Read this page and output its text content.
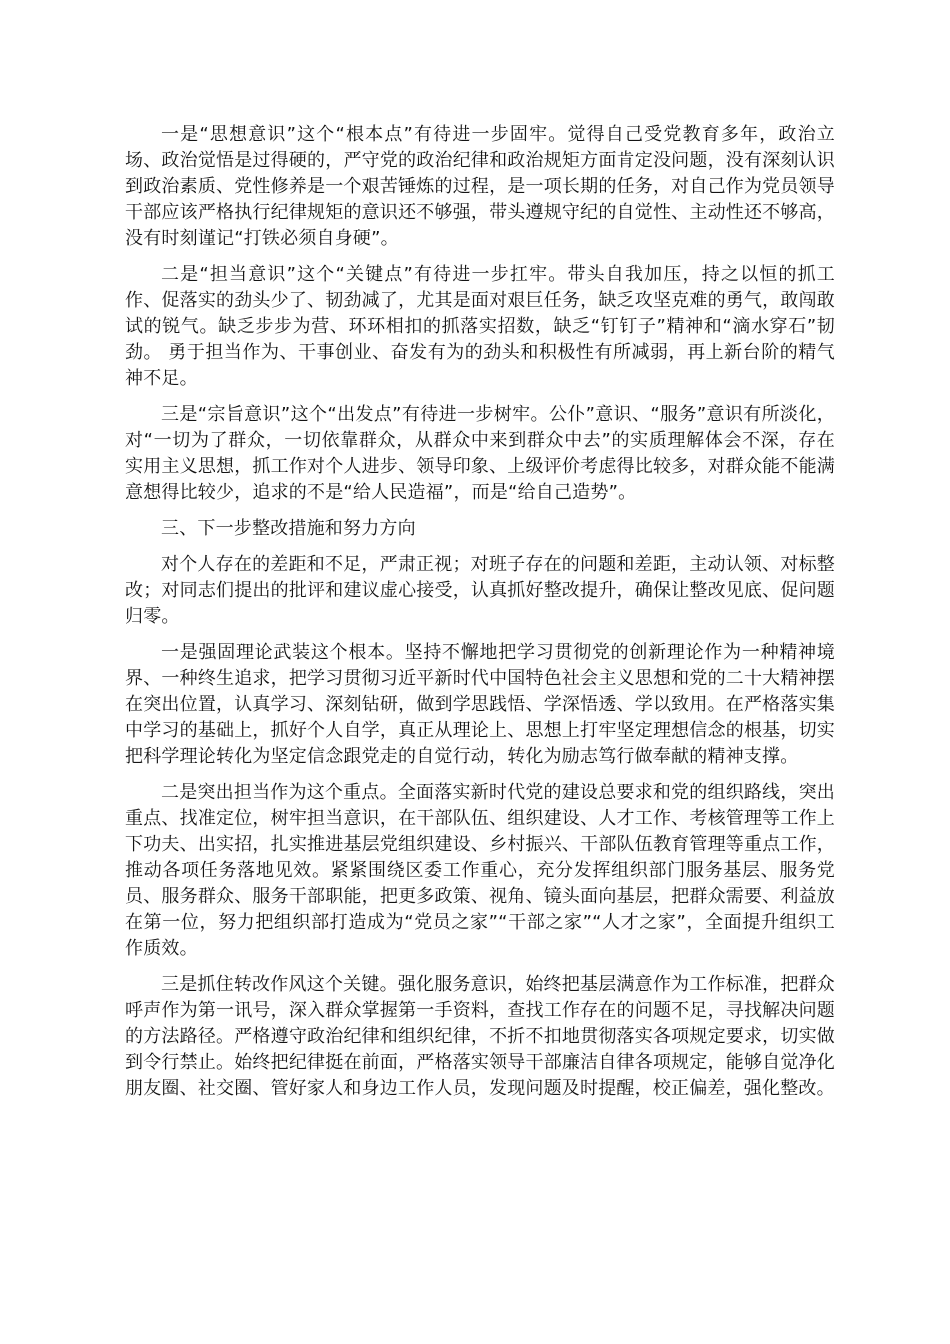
一是“思想意识”这个“根本点”有待进一步固牢。觉得自己受党教育多年，政治立场、政治觉悟是过得硬的，严守党的政治纪律和政治规矩方面肯定没问题，没有深刻认识到政治素质、党性修养是一个艰苦锤炼的过程，是一项长期的任务，对自己作为党员领导干部应该严格执行纪律规矩的意识还不够强，带头遵规守纪的自觉性、主动性还不够高，没有时刻谨记“打铁必须自身硬”。

二是“担当意识”这个“关键点”有待进一步扛牢。带头自我加压，持之以恒的抓工作、促落实的劲头少了、韧劲减了，尤其是面对艰巨任务，缺乏攻坚克难的勇气，敢闯敢试的锐气。缺乏步步为营、环环相扣的抓落实招数，缺乏“钉钉子”精神和“滴水穿石”韧劲。 勇于担当作为、干事创业、奋发有为的劲头和积极性有所减弱，再上新台阶的精气神不足。

三是“宗旨意识”这个“出发点”有待进一步树牢。公仆”意识、“服务”意识有所淡化，对“一切为了群众，一切依靠群众，从群众中来到群众中去”的实质理解体会不深，存在实用主义思想，抓工作对个人进步、领导印象、上级评价考虑得比较多，对群众能不能满意想得比较少，追求的不是“给人民造福”，而是“给自己造势”。

三、下一步整改措施和努力方向

对个人存在的差距和不足，严肃正视；对班子存在的问题和差距，主动认领、对标整改；对同志们提出的批评和建议虚心接受，认真抓好整改提升，确保让整改见底、促问题归零。

一是强固理论武装这个根本。坚持不懈地把学习贯彻党的创新理论作为一种精神境界、一种终生追求，把学习贯彻习近平新时代中国特色社会主义思想和党的二十大精神摆在突出位置，认真学习、深刻钻研，做到学思践悟、学深悟透、学以致用。在严格落实集中学习的基础上，抓好个人自学，真正从理论上、思想上打牢坚定理想信念的根基，切实把科学理论转化为坚定信念跟党走的自觉行动，转化为励志笃行做奉献的精神支撑。

二是突出担当作为这个重点。全面落实新时代党的建设总要求和党的组织路线，突出重点、找准定位，树牢担当意识，在干部队伍、组织建设、人才工作、考核管理等工作上下功夫、出实招，扎实推进基层党组织建设、乡村振兴、干部队伍教育管理等重点工作，推动各项任务落地见效。紧紧围绕区委工作重心，充分发挥组织部门服务基层、服务党员、服务群众、服务干部职能，把更多政策、视角、镜头面向基层，把群众需要、利益放在第一位，努力把组织部打造成为“党员之家”“干部之家”“人才之家”，全面提升组织工作质效。

三是抓住转改作风这个关键。强化服务意识，始终把基层满意作为工作标准，把群众呼声作为第一讯号，深入群众掌握第一手资料，查找工作存在的问题不足，寻找解决问题的方法路径。严格遵守政治纪律和组织纪律，不折不扣地贯彻落实各项规定要求，切实做到令行禁止。始终把纪律挺在前面，严格落实领导干部廉洁自律各项规定，能够自觉净化朋友圈、社交圈、管好家人和身边工作人员，发现问题及时提醒，校正偏差，强化整改。
